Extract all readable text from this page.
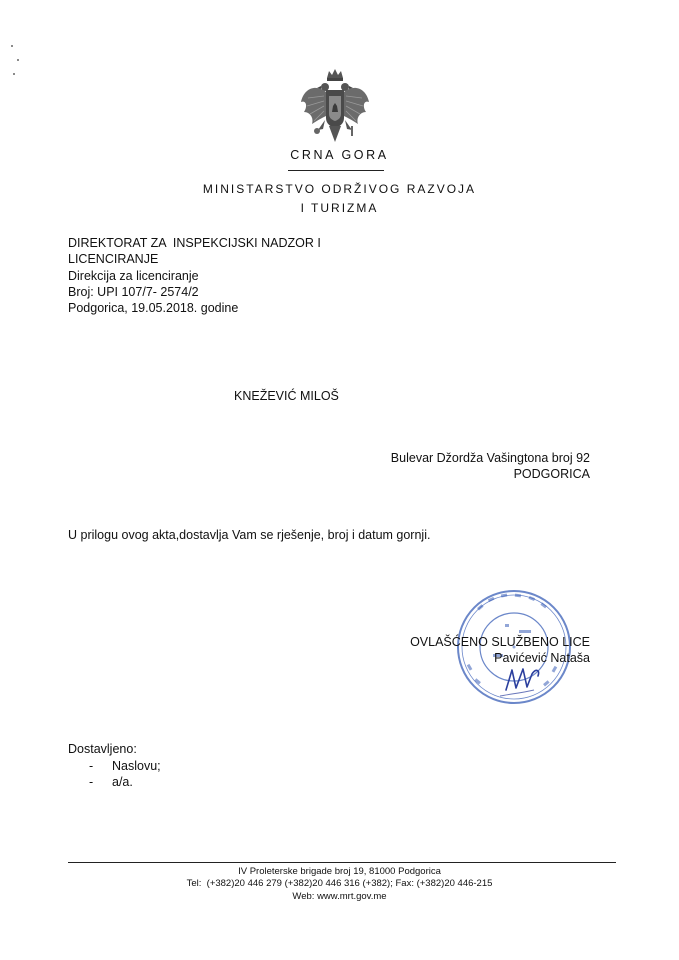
CRNA GORA
MINISTARSTVO ODRŽIVOG RAZVOJA
I TURIZMA
DIREKTORAT ZA  INSPEKCIJSKI NADZOR I
LICENCIRANJE
Direkcija za licenciranje
Broj: UPI 107/7- 2574/2
Podgorica, 19.05.2018. godine
KNEŽEVIĆ MILOŠ
Bulevar Džordža Vašingtona broj 92
PODGORICA
U prilogu ovog akta,dostavlja Vam se rješenje, broj i datum gornji.
OVLAŠĆENO SLUŽBENO LICE
Pavićević Nataša
Dostavljeno:
- Naslovu;
- a/a.
IV Proleterske brigade broj 19, 81000 Podgorica
Tel:  (+382)20 446 279 (+382)20 446 316 (+382); Fax: (+382)20 446-215
Web: www.mrt.gov.me
